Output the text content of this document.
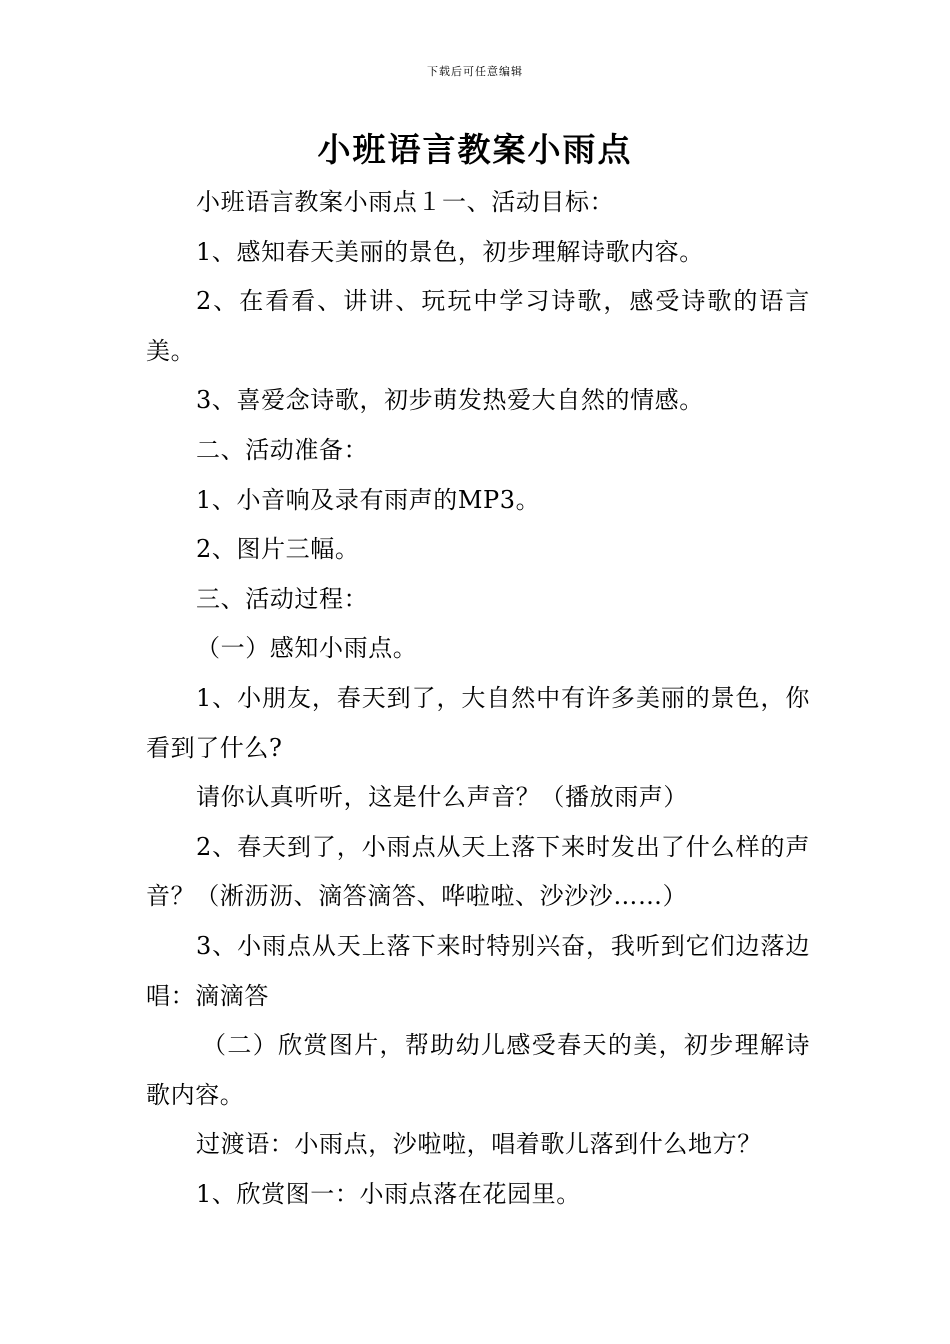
下载后可任意编辑
小班语言教案小雨点

小班语言教案小雨点１一、活动目标：

1、感知春天美丽的景色，初步理解诗歌内容。

2、在看看、讲讲、玩玩中学习诗歌，感受诗歌的语言美。

3、喜爱念诗歌，初步萌发热爱大自然的情感。

二、活动准备：

1、小音响及录有雨声的MP3。

2、图片三幅。

三、活动过程：

（一）感知小雨点。

1、小朋友，春天到了，大自然中有许多美丽的景色，你看到了什么?

请你认真听听，这是什么声音？（播放雨声）

2、春天到了，小雨点从天上落下来时发出了什么样的声音？（淅沥沥、滴答滴答、哗啦啦、沙沙沙……）

3、小雨点从天上落下来时特别兴奋，我听到它们边落边唱：滴滴答

（二）欣赏图片，帮助幼儿感受春天的美，初步理解诗歌内容。

过渡语：小雨点，沙啦啦，唱着歌儿落到什么地方？

1、欣赏图一：小雨点落在花园里。
